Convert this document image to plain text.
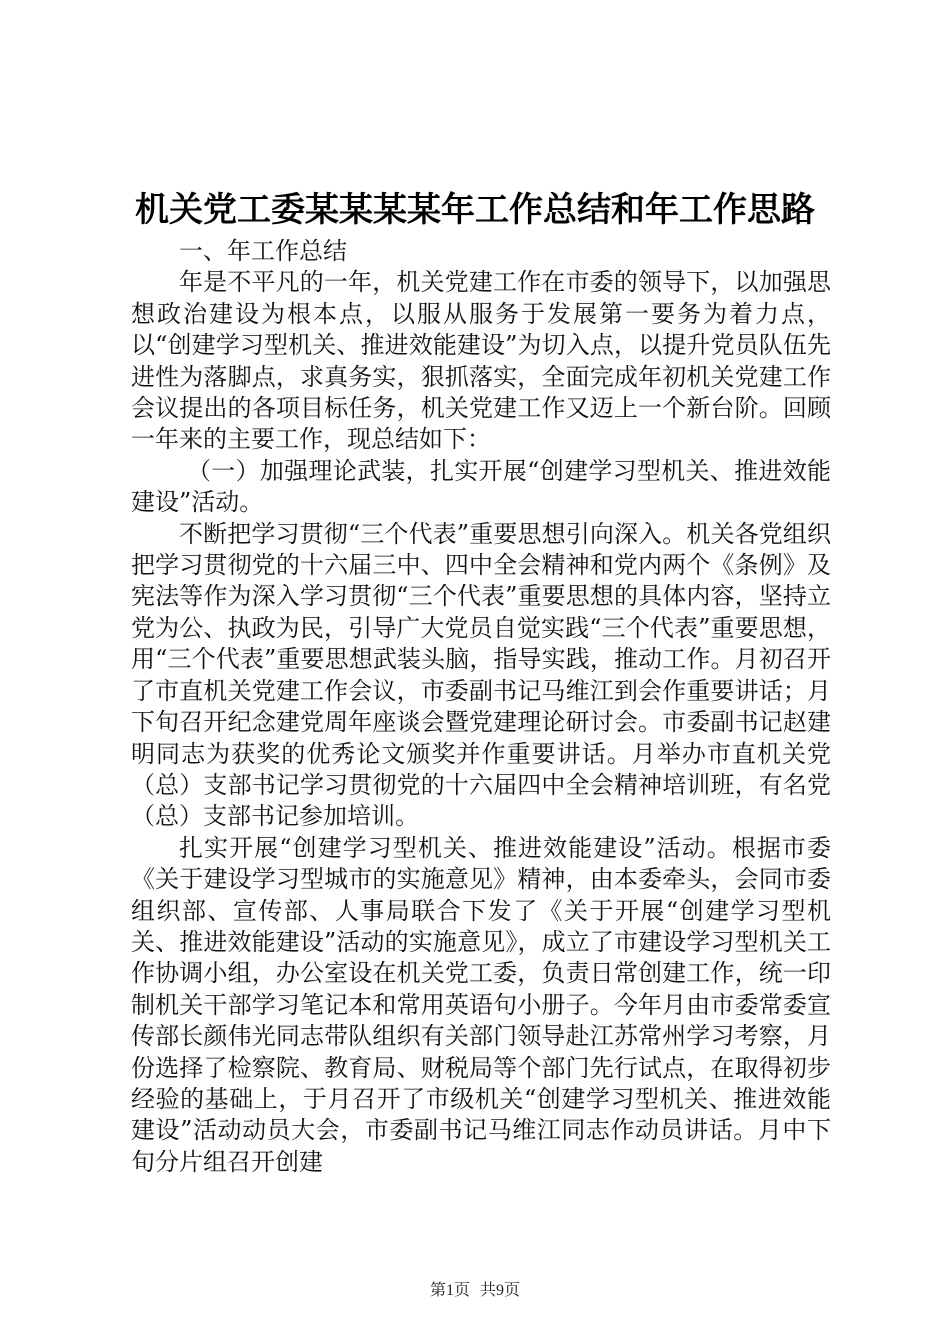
机关党工委某某某某年工作总结和年工作思路

一、年工作总结

年是不平凡的一年，机关党建工作在市委的领导下，以加强思想政治建设为根本点，以服从服务于发展第一要务为着力点，以“创建学习型机关、推进效能建设”为切入点，以提升党员队伍先进性为落脚点，求真务实，狠抓落实，全面完成年初机关党建工作会议提出的各项目标任务，机关党建工作又迈上一个新台阶。回顾一年来的主要工作，现总结如下：

（一）加强理论武装，扎实开展“创建学习型机关、推进效能建设”活动。

不断把学习贯彻“三个代表”重要思想引向深入。机关各党组织把学习贯彻党的十六届三中、四中全会精神和党内两个《条例》及宪法等作为深入学习贯彻“三个代表”重要思想的具体内容，坚持立党为公、执政为民，引导广大党员自觉实践“三个代表”重要思想，用“三个代表”重要思想武装头脑，指导实践，推动工作。月初召开了市直机关党建工作会议，市委副书记马维江到会作重要讲话；月下旬召开纪念建党周年座谈会暨党建理论研讨会。市委副书记赵建明同志为获奖的优秀论文颁奖并作重要讲话。月举办市直机关党（总）支部书记学习贯彻党的十六届四中全会精神培训班，有名党（总）支部书记参加培训。

扎实开展“创建学习型机关、推进效能建设”活动。根据市委《关于建设学习型城市的实施意见》精神，由本委牵头，会同市委组织部、宣传部、人事局联合下发了《关于开展“创建学习型机关、推进效能建设”活动的实施意见》，成立了市建设学习型机关工作协调小组，办公室设在机关党工委，负责日常创建工作，统一印制机关干部学习笔记本和常用英语句小册子。今年月由市委常委宣传部长颜伟光同志带队组织有关部门领导赴江苏常州学习考察，月份选择了检察院、教育局、财税局等个部门先行试点，在取得初步经验的基础上，于月召开了市级机关“创建学习型机关、推进效能建设”活动动员大会，市委副书记马维江同志作动员讲话。月中下旬分片组召开创建

第1页 共9页
